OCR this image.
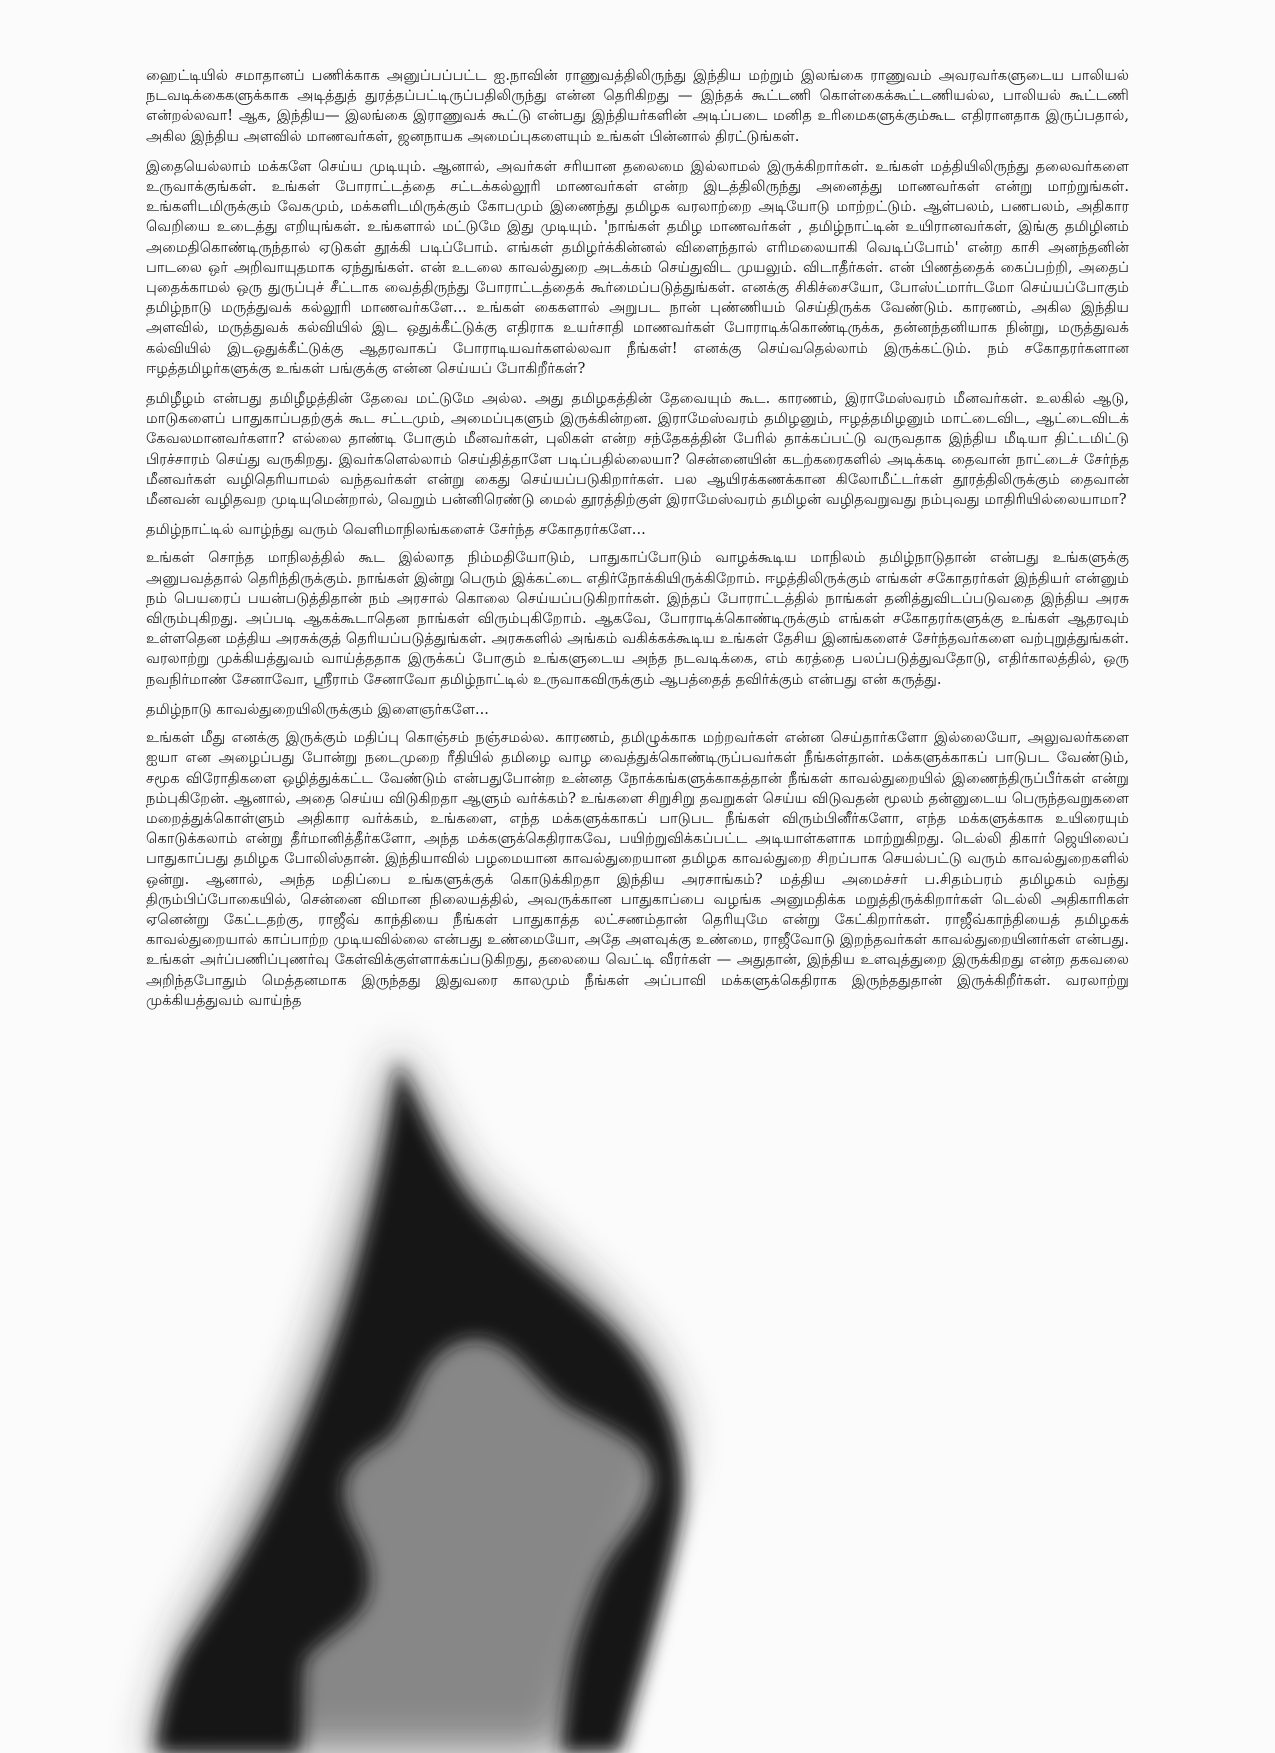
ஹைட்டியில் சமாதானப் பணிக்காக அனுப்பப்பட்ட ஐ.நாவின் ராணுவத்திலிருந்து இந்திய மற்றும் இலங்கை ராணுவம் அவரவர்களுடைய பாலியல் நடவடிக்கைகளுக்காக அடித்துத் துரத்தப்பட்டிருப்பதிலிருந்து என்ன தெரிகிறது — இந்தக் கூட்டணி கொள்கைக்கூட்டணியல்ல, பாலியல் கூட்டணி என்றல்லவா! ஆக, இந்திய— இலங்கை இராணுவக் கூட்டு என்பது இந்தியர்களின் அடிப்படை மனித உரிமைகளுக்கும்கூட எதிரானதாக இருப்பதால், அகில இந்திய அளவில் மாணவர்கள், ஜனநாயக அமைப்புகளையும் உங்கள் பின்னால் திரட்டுங்கள்.

இதையெல்லாம் மக்களே செய்ய முடியும். ஆனால், அவர்கள் சரியான தலைமை இல்லாமல் இருக்கிறார்கள். உங்கள் மத்தியிலிருந்து தலைவர்களை உருவாக்குங்கள். உங்கள் போராட்டத்தை சட்டக்கல்லூரி மாணவர்கள் என்ற இடத்திலிருந்து அனைத்து மாணவர்கள் என்று மாற்றுங்கள். உங்களிடமிருக்கும் வேகமும், மக்களிடமிருக்கும் கோபமும் இணைந்து தமிழக வரலாற்றை அடியோடு மாற்றட்டும். ஆள்பலம், பணபலம், அதிகார வெறியை உடைத்து எறியுங்கள். உங்களால் மட்டுமே இது முடியும். 'நாங்கள் தமிழ மாணவர்கள் , தமிழ்நாட்டின் உயிரானவர்கள், இங்கு தமிழினம் அமைதிகொண்டிருந்தால் ஏடுகள் தூக்கி படிப்போம். எங்கள் தமிழர்க்கின்னல் விளைந்தால் எரிமலையாகி வெடிப்போம்' என்ற காசி அனந்தனின் பாடலை ஒர் அறிவாயுதமாக ஏந்துங்கள். என் உடலை காவல்துறை அடக்கம் செய்துவிட முயலும். விடாதீர்கள். என் பிணத்தைக் கைப்பற்றி, அதைப் புதைக்காமல் ஒரு துருப்புச் சீட்டாக வைத்திருந்து போராட்டத்தைக் கூர்மைப்படுத்துங்கள். எனக்கு சிகிச்சையோ, போஸ்ட்மார்டமோ செய்யப்போகும் தமிழ்நாடு மருத்துவக் கல்லூரி மாணவர்களே... உங்கள் கைகளால் அறுபட நான் புண்ணியம் செய்திருக்க வேண்டும். காரணம், அகில இந்திய அளவில், மருத்துவக் கல்வியில் இட ஒதுக்கீட்டுக்கு எதிராக உயர்சாதி மாணவர்கள் போராடிக்கொண்டிருக்க, தன்னந்தனியாக நின்று, மருத்துவக் கல்வியில் இடஒதுக்கீட்டுக்கு ஆதரவாகப் போராடியவர்களல்லவா நீங்கள்! எனக்கு செய்வதெல்லாம் இருக்கட்டும். நம் சகோதரர்களான ஈழத்தமிழர்களுக்கு உங்கள் பங்குக்கு என்ன செய்யப் போகிறீர்கள்?

தமிழீழம் என்பது தமிழீழத்தின் தேவை மட்டுமே அல்ல. அது தமிழகத்தின் தேவையும் கூட. காரணம், இராமேஸ்வரம் மீனவர்கள். உலகில் ஆடு, மாடுகளைப் பாதுகாப்பதற்குக் கூட சட்டமும், அமைப்புகளும் இருக்கின்றன. இராமேஸ்வரம் தமிழனும், ஈழத்தமிழனும் மாட்டைவிட, ஆட்டைவிடக் கேவலமானவர்களா? எல்லை தாண்டி போகும் மீனவர்கள், புலிகள் என்ற சந்தேகத்தின் பேரில் தாக்கப்பட்டு வருவதாக இந்திய மீடியா திட்டமிட்டு பிரச்சாரம் செய்து வருகிறது. இவர்களெல்லாம் செய்தித்தாளே படிப்பதில்லையா? சென்னையின் கடற்கரைகளில் அடிக்கடி தைவான் நாட்டைச் சேர்ந்த மீனவர்கள் வழிதெரியாமல் வந்தவர்கள் என்று கைது செய்யப்படுகிறார்கள். பல ஆயிரக்கணக்கான கிலோமீட்டர்கள் தூரத்திலிருக்கும் தைவான் மீனவன் வழிதவற முடியுமென்றால், வெறும் பன்னிரெண்டு மைல் தூரத்திற்குள் இராமேஸ்வரம் தமிழன் வழிதவறுவது நம்புவது மாதிரியில்லையாமா?

தமிழ்நாட்டில் வாழ்ந்து வரும் வெளிமாநிலங்களைச் சேர்ந்த சகோதரர்களே...

உங்கள் சொந்த மாநிலத்தில் கூட இல்லாத நிம்மதியோடும், பாதுகாப்போடும் வாழக்கூடிய மாநிலம் தமிழ்நாடுதான் என்பது உங்களுக்கு அனுபவத்தால் தெரிந்திருக்கும். நாங்கள் இன்று பெரும் இக்கட்டை எதிர்நோக்கியிருக்கிறோம். ஈழத்திலிருக்கும் எங்கள் சகோதரர்கள் இந்தியர் என்னும் நம் பெயரைப் பயன்படுத்திதான் நம் அரசால் கொலை செய்யப்படுகிறார்கள். இந்தப் போராட்டத்தில் நாங்கள் தனித்துவிடப்படுவதை இந்திய அரசு விரும்புகிறது. அப்படி ஆகக்கூடாதென நாங்கள் விரும்புகிறோம். ஆகவே, போராடிக்கொண்டிருக்கும் எங்கள் சகோதரர்களுக்கு உங்கள் ஆதரவும் உள்ளதென மத்திய அரசுக்குத் தெரியப்படுத்துங்கள். அரசுகளில் அங்கம் வகிக்கக்கூடிய உங்கள் தேசிய இனங்களைச் சேர்ந்தவர்களை வற்புறுத்துங்கள். வரலாற்று முக்கியத்துவம் வாய்த்ததாக இருக்கப் போகும் உங்களுடைய அந்த நடவடிக்கை, எம் கரத்தை பலப்படுத்துவதோடு, எதிர்காலத்தில், ஒரு நவநிர்மாண் சேனாவோ, ஸ்ரீராம் சேனாவோ தமிழ்நாட்டில் உருவாகவிருக்கும் ஆபத்தைத் தவிர்க்கும் என்பது என் கருத்து.

தமிழ்நாடு காவல்துறையிலிருக்கும் இளைஞர்களே...

உங்கள் மீது எனக்கு இருக்கும் மதிப்பு கொஞ்சம் நஞ்சமல்ல. காரணம், தமிழுக்காக மற்றவர்கள் என்ன செய்தார்களோ இல்லையோ, அலுவலர்களை ஐயா என அழைப்பது போன்று நடைமுறை ரீதியில் தமிழை வாழ வைத்துக்கொண்டிருப்பவர்கள் நீங்கள்தான். மக்களுக்காகப் பாடுபட வேண்டும், சமூக விரோதிகளை ஒழித்துக்கட்ட வேண்டும் என்பதுபோன்ற உன்னத நோக்கங்களுக்காகத்தான் நீங்கள் காவல்துறையில் இணைந்திருப்பீர்கள் என்று நம்புகிறேன். ஆனால், அதை செய்ய விடுகிறதா ஆளும் வர்க்கம்? உங்களை சிறுசிறு தவறுகள் செய்ய விடுவதன் மூலம் தன்னுடைய பெருந்தவறுகளை மறைத்துக்கொள்ளும் அதிகார வர்க்கம், உங்களை, எந்த மக்களுக்காகப் பாடுபட நீங்கள் விரும்பினீர்களோ, எந்த மக்களுக்காக உயிரையும் கொடுக்கலாம் என்று தீர்மானித்தீர்களோ, அந்த மக்களுக்கெதிராகவே, பயிற்றுவிக்கப்பட்ட அடியாள்களாக மாற்றுகிறது. டெல்லி திகார் ஜெயிலைப் பாதுகாப்பது தமிழக போலிஸ்தான். இந்தியாவில் பழமையான காவல்துறையான தமிழக காவல்துறை சிறப்பாக செயல்பட்டு வரும் காவல்துறைகளில் ஒன்று. ஆனால், அந்த மதிப்பை உங்களுக்குக் கொடுக்கிறதா இந்திய அரசாங்கம்? மத்திய அமைச்சர் ப.சிதம்பரம் தமிழகம் வந்து திரும்பிப்போகையில், சென்னை விமான நிலையத்தில், அவருக்கான பாதுகாப்பை வழங்க அனுமதிக்க மறுத்திருக்கிறார்கள் டெல்லி அதிகாரிகள் ஏனென்று கேட்டதற்கு, ராஜீவ் காந்தியை நீங்கள் பாதுகாத்த லட்சணம்தான் தெரியுமே என்று கேட்கிறார்கள். ராஜீவ்காந்தியைத் தமிழகக் காவல்துறையால் காப்பாற்ற முடியவில்லை என்பது உண்மையோ, அதே அளவுக்கு உண்மை, ராஜீவோடு இறந்தவர்கள் காவல்துறையினர்கள் என்பது. உங்கள் அர்ப்பணிப்புணர்வு கேள்விக்குள்ளாக்கப்படுகிறது, தலையை வெட்டி வீரர்கள் — அதுதான், இந்திய உளவுத்துறை இருக்கிறது என்ற தகவலை அறிந்தபோதும் மெத்தனமாக இருந்தது இதுவரை காலமும் நீங்கள் அப்பாவி மக்களுக்கெதிராக இருந்ததுதான் இருக்கிறீர்கள். வரலாற்று முக்கியத்துவம் வாய்ந்த
